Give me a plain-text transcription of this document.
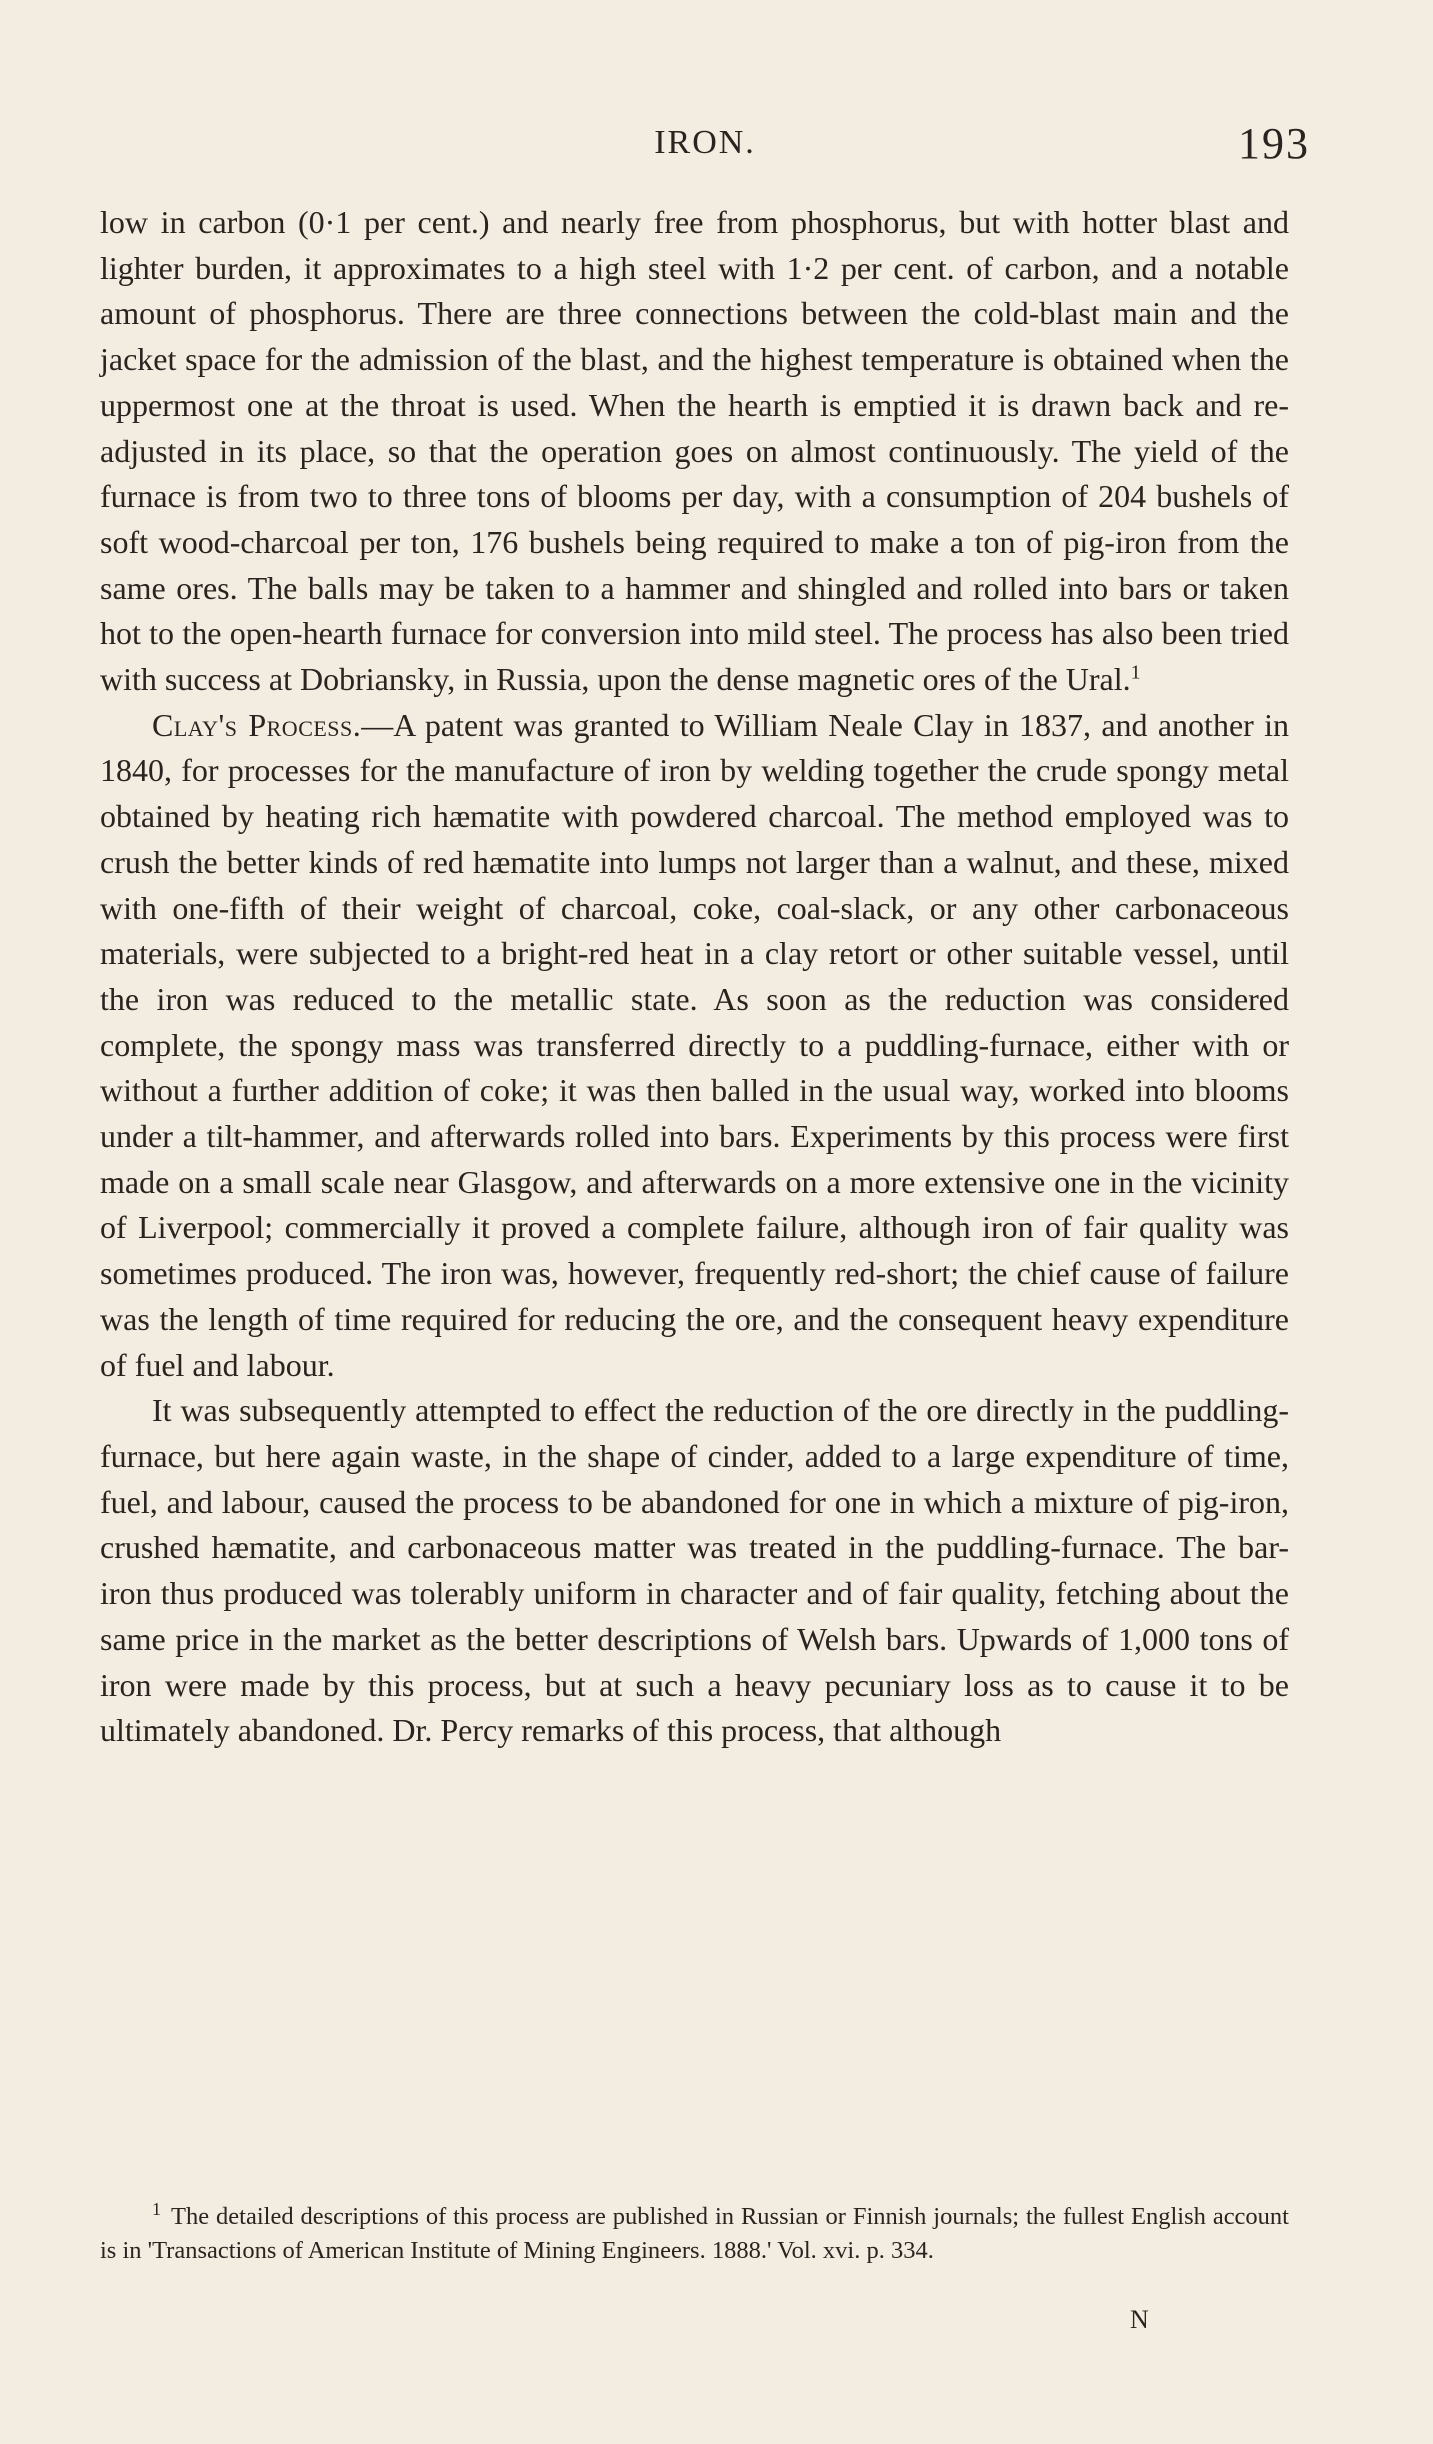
IRON.	193

low in carbon (0·1 per cent.) and nearly free from phosphorus, but with hotter blast and lighter burden, it approximates to a high steel with 1·2 per cent. of carbon, and a notable amount of phosphorus. There are three connections between the cold-blast main and the jacket space for the admission of the blast, and the highest temperature is obtained when the uppermost one at the throat is used. When the hearth is emptied it is drawn back and re-adjusted in its place, so that the operation goes on almost continuously. The yield of the furnace is from two to three tons of blooms per day, with a consumption of 204 bushels of soft wood-charcoal per ton, 176 bushels being required to make a ton of pig-iron from the same ores. The balls may be taken to a hammer and shingled and rolled into bars or taken hot to the open-hearth furnace for conversion into mild steel. The process has also been tried with success at Dobriansky, in Russia, upon the dense magnetic ores of the Ural.$^1$

Clay's Process.—A patent was granted to William Neale Clay in 1837, and another in 1840, for processes for the manufacture of iron by welding together the crude spongy metal obtained by heating rich hæmatite with powdered charcoal. The method employed was to crush the better kinds of red hæmatite into lumps not larger than a walnut, and these, mixed with one-fifth of their weight of charcoal, coke, coal-slack, or any other carbonaceous materials, were subjected to a bright-red heat in a clay retort or other suitable vessel, until the iron was reduced to the metallic state. As soon as the reduction was considered complete, the spongy mass was transferred directly to a puddling-furnace, either with or without a further addition of coke; it was then balled in the usual way, worked into blooms under a tilt-hammer, and afterwards rolled into bars. Experiments by this process were first made on a small scale near Glasgow, and afterwards on a more extensive one in the vicinity of Liverpool; commercially it proved a complete failure, although iron of fair quality was sometimes produced. The iron was, however, frequently red-short; the chief cause of failure was the length of time required for reducing the ore, and the consequent heavy expenditure of fuel and labour.

It was subsequently attempted to effect the reduction of the ore directly in the puddling-furnace, but here again waste, in the shape of cinder, added to a large expenditure of time, fuel, and labour, caused the process to be abandoned for one in which a mixture of pig-iron, crushed hæmatite, and carbonaceous matter was treated in the puddling-furnace. The bar-iron thus produced was tolerably uniform in character and of fair quality, fetching about the same price in the market as the better descriptions of Welsh bars. Upwards of 1,000 tons of iron were made by this process, but at such a heavy pecuniary loss as to cause it to be ultimately abandoned. Dr. Percy remarks of this process, that although

$^1$ The detailed descriptions of this process are published in Russian or Finnish journals; the fullest English account is in 'Transactions of American Institute of Mining Engineers. 1888.' Vol. xvi. p. 334.
N
